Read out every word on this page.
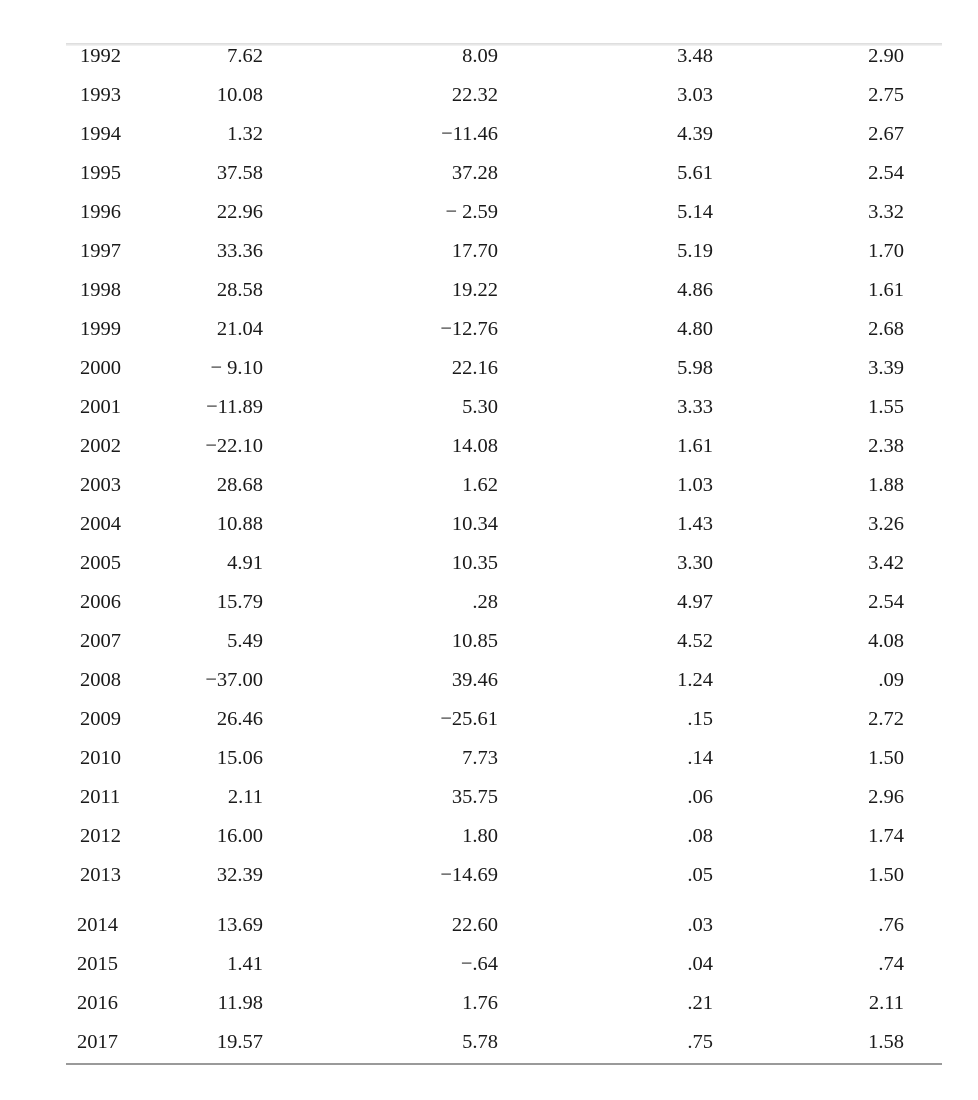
1992	7.62	8.09	3.48	2.90
1993	10.08	22.32	3.03	2.75
1994	1.32	−11.46	4.39	2.67
1995	37.58	37.28	5.61	2.54
1996	22.96	− 2.59	5.14	3.32
1997	33.36	17.70	5.19	1.70
1998	28.58	19.22	4.86	1.61
1999	21.04	−12.76	4.80	2.68
2000	− 9.10	22.16	5.98	3.39
2001	−11.89	5.30	3.33	1.55
2002	−22.10	14.08	1.61	2.38
2003	28.68	1.62	1.03	1.88
2004	10.88	10.34	1.43	3.26
2005	4.91	10.35	3.30	3.42
2006	15.79	.28	4.97	2.54
2007	5.49	10.85	4.52	4.08
2008	−37.00	39.46	1.24	.09
2009	26.46	−25.61	.15	2.72
2010	15.06	7.73	.14	1.50
2011	2.11	35.75	.06	2.96
2012	16.00	1.80	.08	1.74
2013	32.39	−14.69	.05	1.50
2014	13.69	22.60	.03	.76
2015	1.41	−.64	.04	.74
2016	11.98	1.76	.21	2.11
2017	19.57	5.78	.75	1.58
